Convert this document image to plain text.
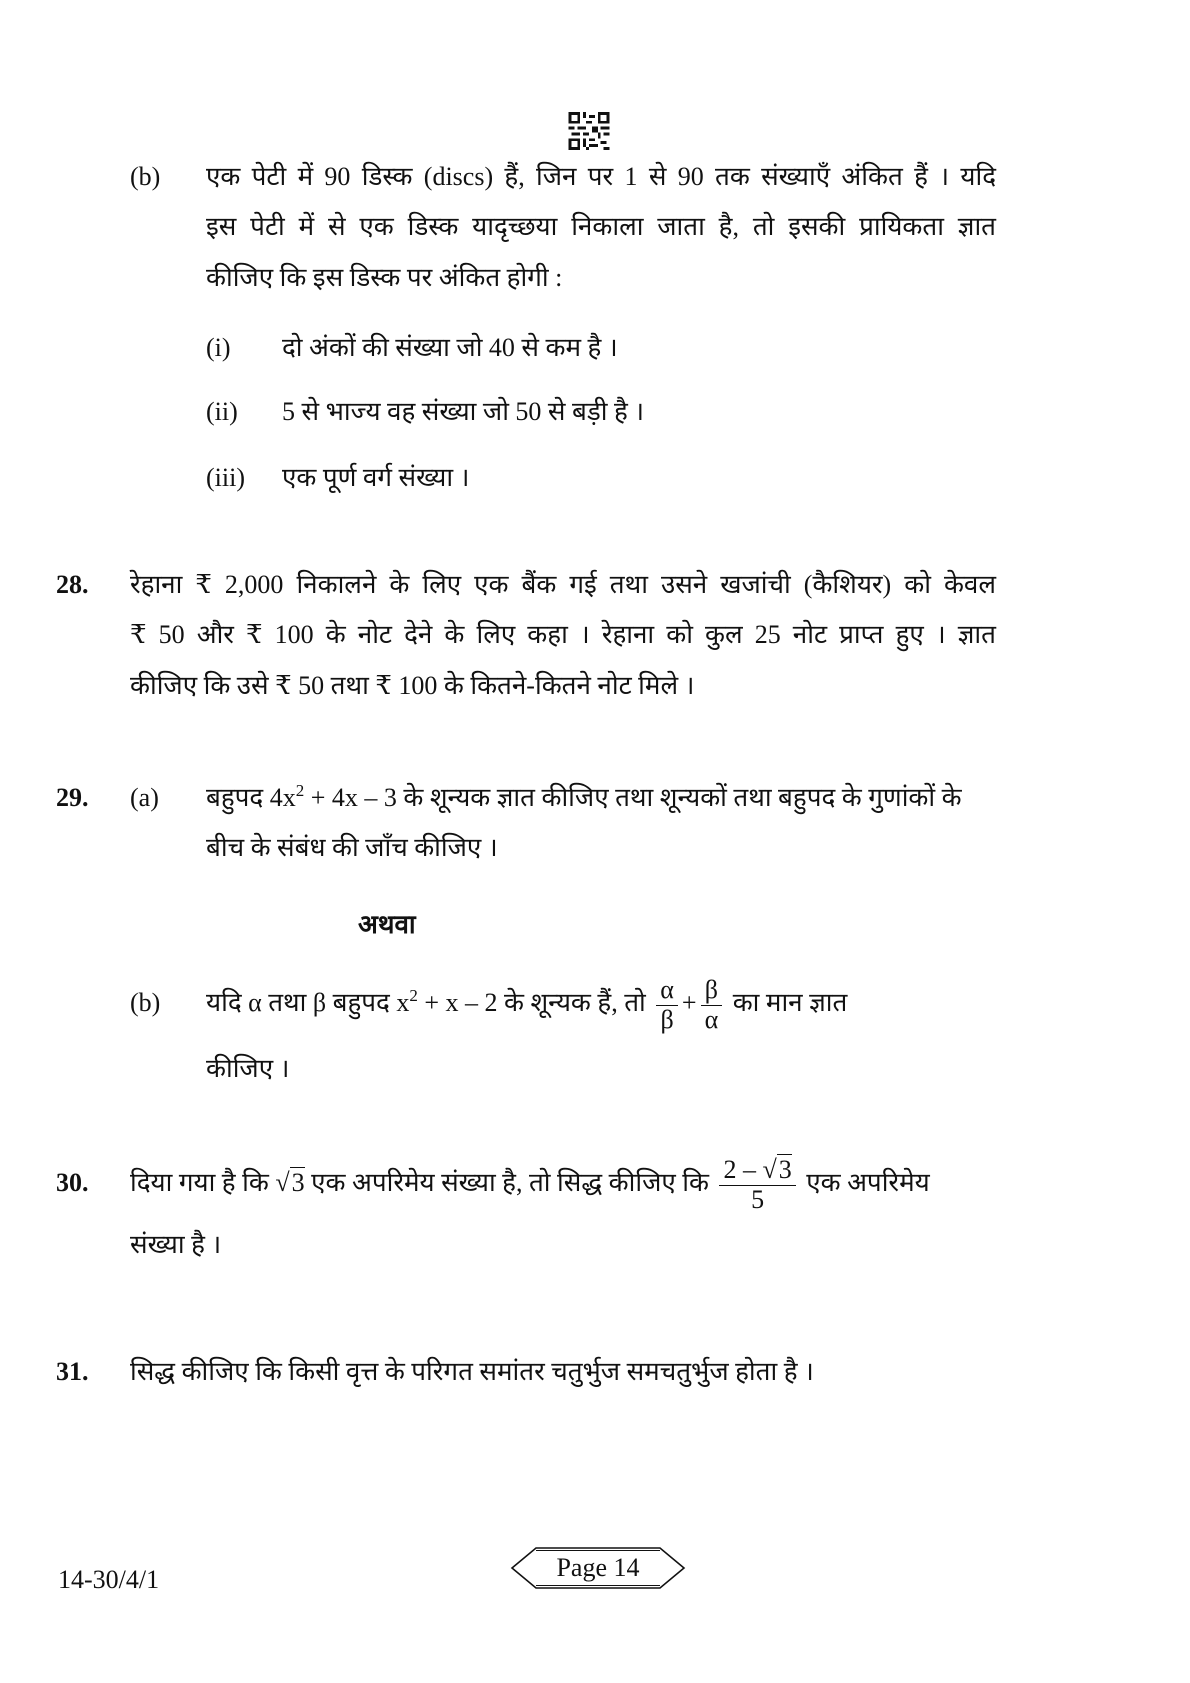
(b) एक पेटी में 90 डिस्क (discs) हैं, जिन पर 1 से 90 तक संख्याएँ अंकित हैं । यदि
इस पेटी में से एक डिस्क यादृच्छया निकाला जाता है, तो इसकी प्रायिकता ज्ञात
कीजिए कि इस डिस्क पर अंकित होगी :
(i) दो अंकों की संख्या जो 40 से कम है ।
(ii) 5 से भाज्य वह संख्या जो 50 से बड़ी है ।
(iii) एक पूर्ण वर्ग संख्या ।
28. रेहाना ₹ 2,000 निकालने के लिए एक बैंक गई तथा उसने खजांची (कैशियर) को केवल
₹ 50 और ₹ 100 के नोट देने के लिए कहा । रेहाना को कुल 25 नोट प्राप्त हुए । ज्ञात
कीजिए कि उसे ₹ 50 तथा ₹ 100 के कितने-कितने नोट मिले ।
29. (a) बहुपद $4x^2 + 4x - 3$ के शून्यक ज्ञात कीजिए तथा शून्यकों तथा बहुपद के गुणांकों के
बीच के संबंध की जाँच कीजिए ।
अथवा
(b) यदि α तथा β बहुपद $x^2 + x - 2$ के शून्यक हैं, तो $\frac{\alpha}{\beta} + \frac{\beta}{\alpha}$ का मान ज्ञात
कीजिए ।
30. दिया गया है कि √3 एक अपरिमेय संख्या है, तो सिद्ध कीजिए कि $\frac{2 - √3}{5}$ एक अपरिमेय
संख्या है ।
31. सिद्ध कीजिए कि किसी वृत्त के परिगत समांतर चतुर्भुज समचतुर्भुज होता है ।
14-30/4/1	Page 14
